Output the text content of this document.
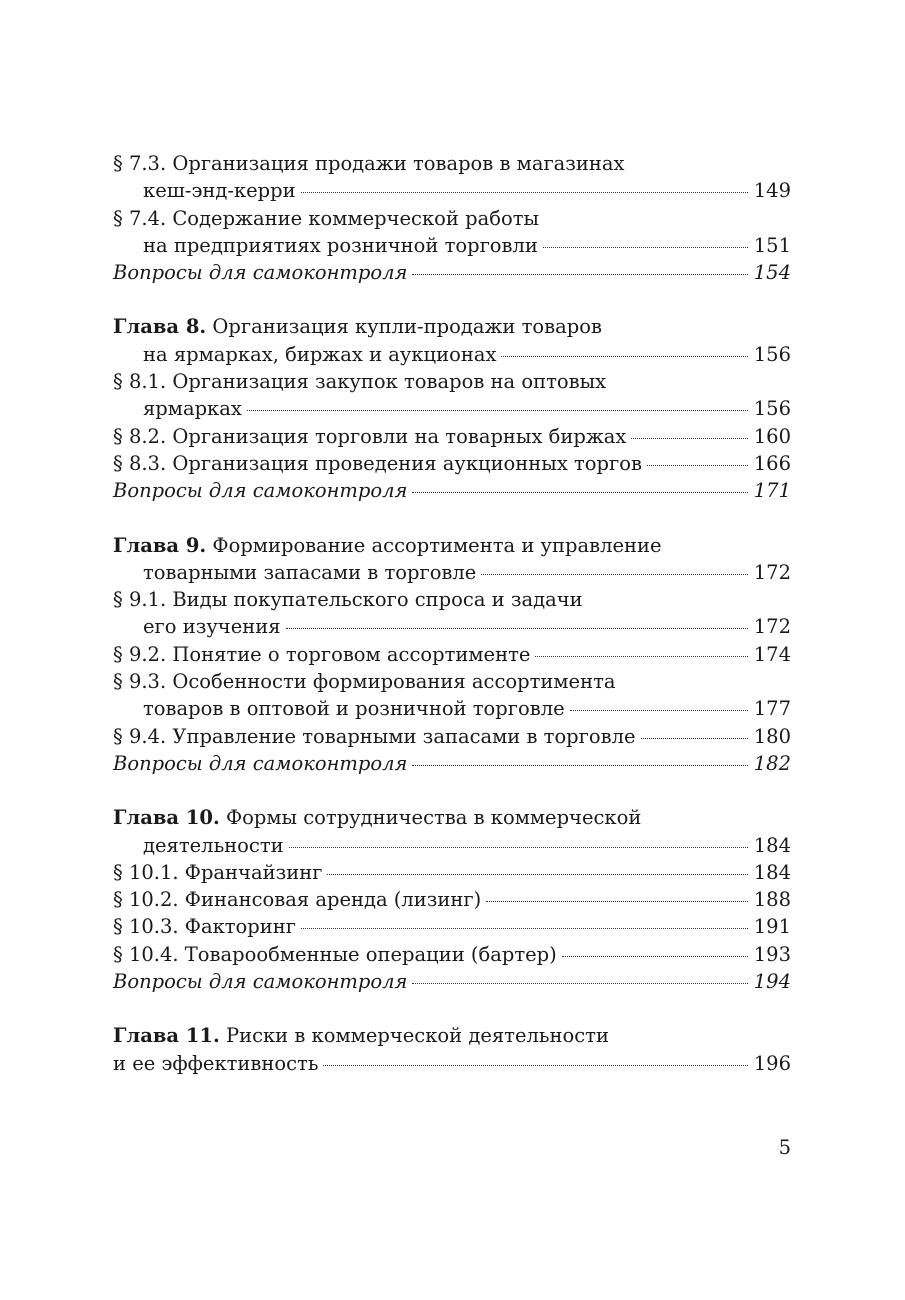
§ 7.3. Организация продажи товаров в магазинах
кеш-энд-керри	149
§ 7.4. Содержание коммерческой работы
на предприятиях розничной торговли	151
Вопросы для самоконтроля	154
Глава 8. Организация купли-продажи товаров
на ярмарках, биржах и аукционах	156
§ 8.1. Организация закупок товаров на оптовых
ярмарках	156
§ 8.2. Организация торговли на товарных биржах	160
§ 8.3. Организация проведения аукционных торгов	166
Вопросы для самоконтроля	171
Глава 9. Формирование ассортимента и управление
товарными запасами в торговле	172
§ 9.1. Виды покупательского спроса и задачи
его изучения	172
§ 9.2. Понятие о торговом ассортименте	174
§ 9.3. Особенности формирования ассортимента
товаров в оптовой и розничной торговле	177
§ 9.4. Управление товарными запасами в торговле	180
Вопросы для самоконтроля	182
Глава 10. Формы сотрудничества в коммерческой
деятельности	184
§ 10.1. Франчайзинг	184
§ 10.2. Финансовая аренда (лизинг)	188
§ 10.3. Факторинг	191
§ 10.4. Товарообменные операции (бартер)	193
Вопросы для самоконтроля	194
Глава 11. Риски в коммерческой деятельности
и ее эффективность	196
5
